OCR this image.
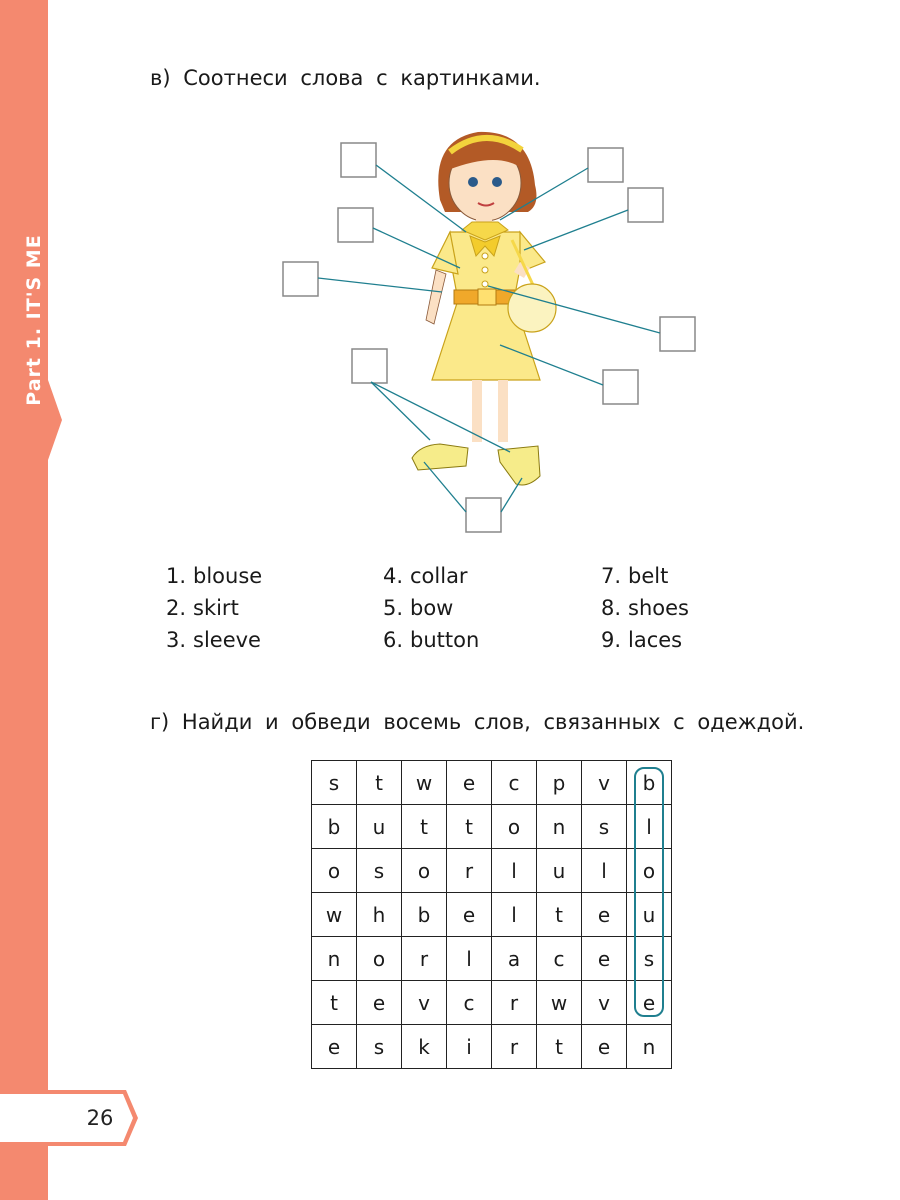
Part 1. IT'S ME
26
в) Соотнеси слова с картинками.
1. blouse
2. skirt
3. sleeve
4. collar
5. bow
6. button
7. belt
8. shoes
9. laces
г) Найди и обведи восемь слов, связанных с одеждой.
s	t	w	e	c	p	v	b
b	u	t	t	o	n	s	l
o	s	o	r	l	u	l	o
w	h	b	e	l	t	e	u
n	o	r	l	a	c	e	s
t	e	v	c	r	w	v	e
e	s	k	i	r	t	e	n
